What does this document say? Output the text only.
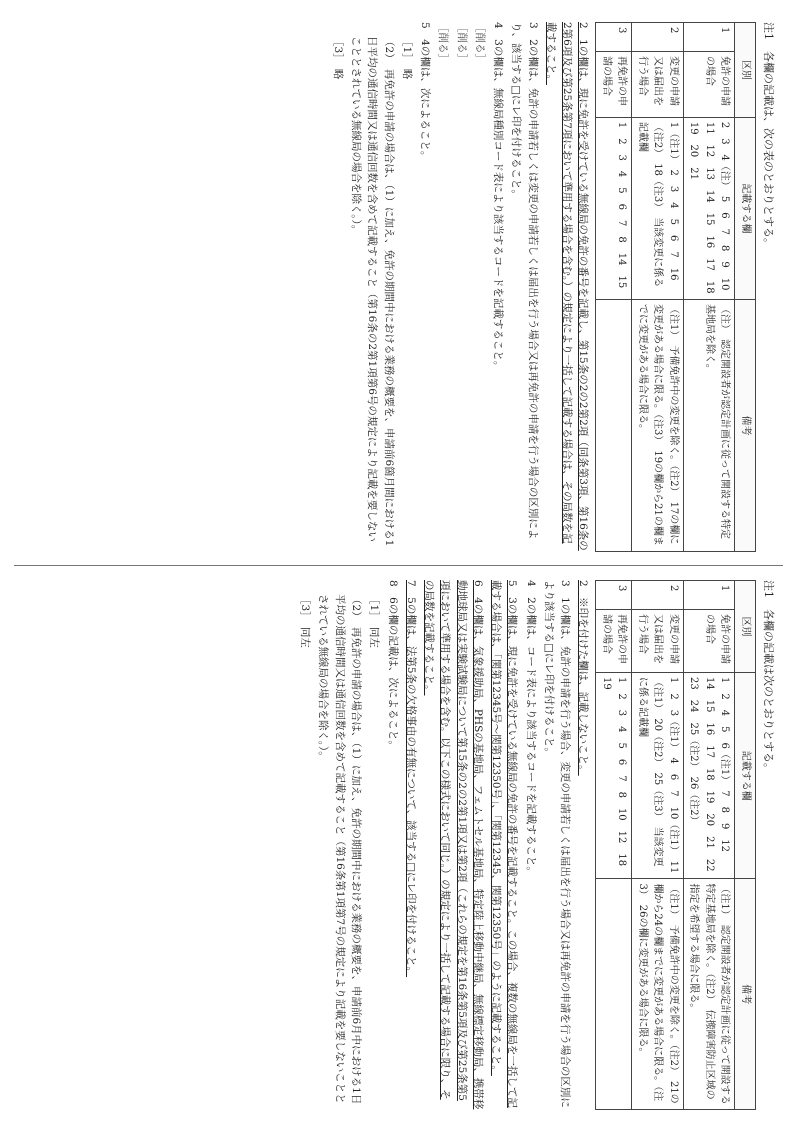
注1　各欄の記載は、次の表のとおりとする。

区別		記載する欄	備考
1	免許の申請の場合	2　3　4（注）　5　6　7　8　9　10　11　12　13　14　15　16　17　18　19　20　21	（注）　認定開設者が認定計画に従って開設する特定基地局を除く。
2	変更の申請又は届出を行う場合	1（注1）　2　3　4　5　6　7　16（注2）　18（注3）　当該変更に係る記載欄	（注1）　予備免許中の変更を除く。（注2）　17の欄に変更がある場合に限る。（注3）　19の欄から21の欄までに変更がある場合に限る。
3	再免許の申請の場合	1　2　3　4　5　6　7　8　14　15	

2　1の欄は、現に免許を受けている無線局の免許の番号を記載し、第15条の2の2第2項（同条第3項、第16条の2第6項及び第25条第7項において準用する場合を含む。）の規定により一括して記載する場合は、その局数を記載すること。

3　2の欄は、免許の申請若しくは変更の申請若しくは届出を行う場合又は再免許の申請を行う場合の区別により、該当する□にレ印を付けること。

4　3の欄は、無線局種別コード表により該当するコードを記載すること。

［削る］

［削る］

［削る］

5　4の欄は、次によること。

［1］　略

（2）　再免許の申請の場合は、（1）に加え、免許の期間中における業務の概要を、申請前6箇月間における1日平均の通信時間又は通信回数を含めて記載すること（第16条の2第1項第6号の規定により記載を要しないこととされている無線局の場合を除く。）。

［3］　略

注1　各欄の記載は次のとおりとする。

区別		記載する欄	備考
1	免許の申請の場合	1　2　4　5　6（注1）　7　8　9　12　14　15　16　17　18　19　20　21　22　23　24　25（注2）　26（注2）	（注1）　認定開設者が認定計画に従って開設する特定基地局を除く。（注2）　伝搬障害防止区域の指定を希望する場合に限る。
2	変更の申請又は届出を行う場合	1　2　3（注1）　4　6　7　10（注1）　11（注1）　20（注2）　25（注3）　当該変更に係る記載欄	（注1）　予備免許中の変更を除く。（注2）　21の欄から24の欄までに変更がある場合に限る。（注3）　26の欄に変更がある場合に限る。
3	再免許の申請の場合	1　2　3　4　5　6　7　8　10　12　18　19	

2　※印を付けた欄は、記載しないこと。

3　1の欄は、免許の申請を行う場合、変更の申請若しくは届出を行う場合又は再免許の申請を行う場合の区別により該当する□にレ印を付けること。

4　2の欄は、コード表により該当するコードを記載すること。

5　3の欄は、現に免許を受けている無線局の免許の番号を記載すること。この場合、複数の無線局を一括して記載する場合は、「関第12345号～関第12350号」、「関第12345、関第12350号」のように記載すること。

6　4の欄は、気象援助局、PHSの基地局、フェムトセル基地局、特定陸上移動中継局、無線標定移動局、携帯移動地球局又は実験試験局について第15条の2の2第1項又は第2項（これらの規定を第16条第5項及び第25条第5項において準用する場合を含む。以下この様式において同じ。）の規定により一括して記載する場合に限り、その局数を記載すること。

7　5の欄は、法第5条の欠格事由の有無について、該当する□にレ印を付けること。

8　6の欄の記載は、次によること。

［1］　同左

（2）　再免許の申請の場合は、（1）に加え、免許の期間中における業務の概要を、申請前6月中における1日平均の通信時間又は通信回数を含めて記載すること（第16条第1項第7号の規定により記載を要しないこととされている無線局の場合を除く。）。

［3］　同左
